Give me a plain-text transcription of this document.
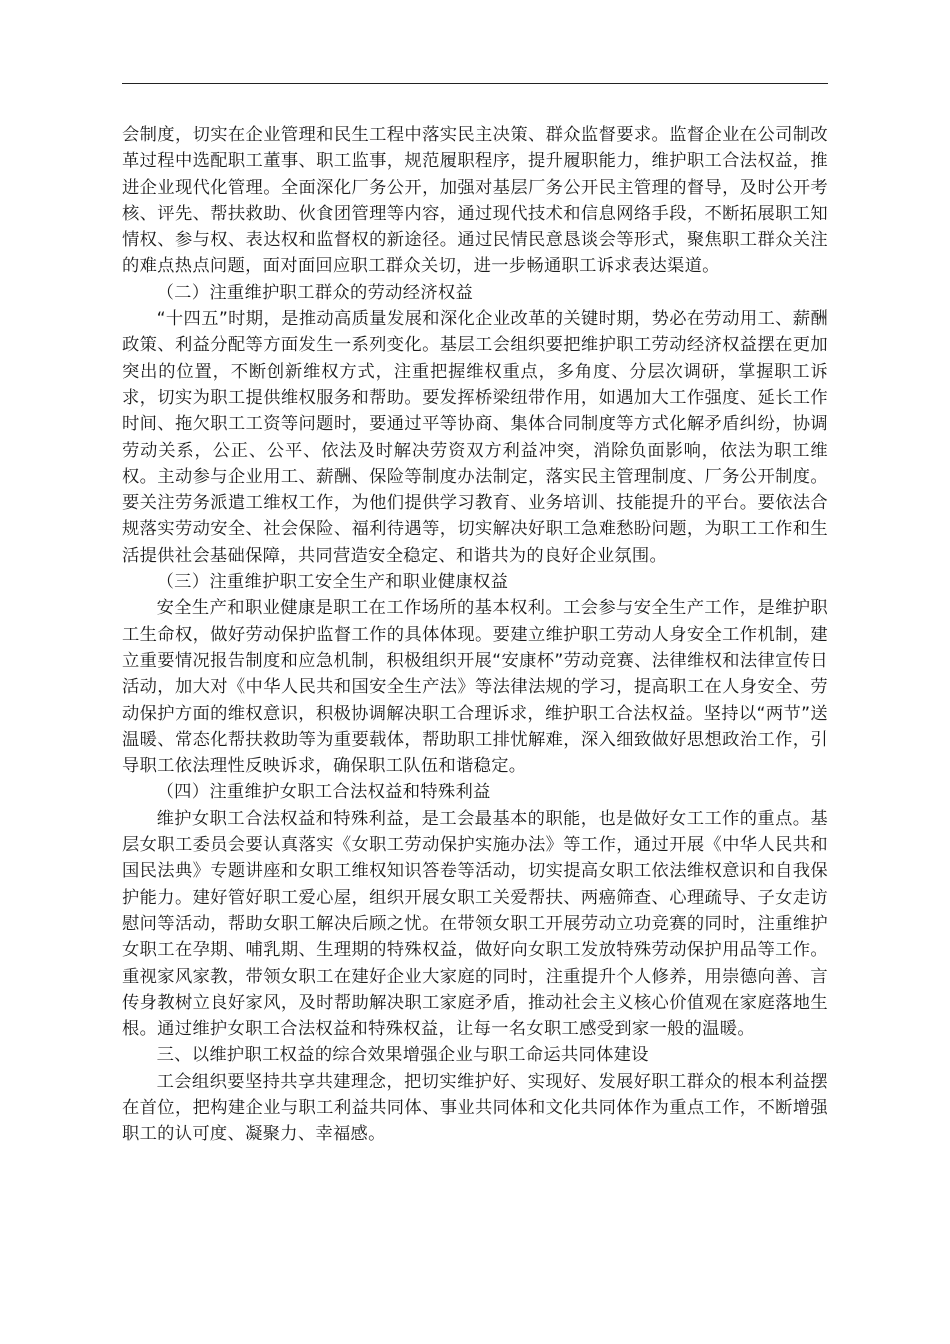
会制度，切实在企业管理和民生工程中落实民主决策、群众监督要求。监督企业在公司制改革过程中选配职工董事、职工监事，规范履职程序，提升履职能力，维护职工合法权益，推进企业现代化管理。全面深化厂务公开，加强对基层厂务公开民主管理的督导，及时公开考核、评先、帮扶救助、伙食团管理等内容，通过现代技术和信息网络手段，不断拓展职工知情权、参与权、表达权和监督权的新途径。通过民情民意恳谈会等形式，聚焦职工群众关注的难点热点问题，面对面回应职工群众关切，进一步畅通职工诉求表达渠道。

（二）注重维护职工群众的劳动经济权益

“十四五”时期，是推动高质量发展和深化企业改革的关键时期，势必在劳动用工、薪酬政策、利益分配等方面发生一系列变化。基层工会组织要把维护职工劳动经济权益摆在更加突出的位置，不断创新维权方式，注重把握维权重点，多角度、分层次调研，掌握职工诉求，切实为职工提供维权服务和帮助。要发挥桥梁纽带作用，如遇加大工作强度、延长工作时间、拖欠职工工资等问题时，要通过平等协商、集体合同制度等方式化解矛盾纠纷，协调劳动关系，公正、公平、依法及时解决劳资双方利益冲突，消除负面影响，依法为职工维权。主动参与企业用工、薪酬、保险等制度办法制定，落实民主管理制度、厂务公开制度。要关注劳务派遣工维权工作，为他们提供学习教育、业务培训、技能提升的平台。要依法合规落实劳动安全、社会保险、福利待遇等，切实解决好职工急难愁盼问题，为职工工作和生活提供社会基础保障，共同营造安全稳定、和谐共为的良好企业氛围。

（三）注重维护职工安全生产和职业健康权益

安全生产和职业健康是职工在工作场所的基本权利。工会参与安全生产工作，是维护职工生命权，做好劳动保护监督工作的具体体现。要建立维护职工劳动人身安全工作机制，建立重要情况报告制度和应急机制，积极组织开展“安康杯”劳动竞赛、法律维权和法律宣传日活动，加大对《中华人民共和国安全生产法》等法律法规的学习，提高职工在人身安全、劳动保护方面的维权意识，积极协调解决职工合理诉求，维护职工合法权益。坚持以“两节”送温暖、常态化帮扶救助等为重要载体，帮助职工排忧解难，深入细致做好思想政治工作，引导职工依法理性反映诉求，确保职工队伍和谐稳定。

（四）注重维护女职工合法权益和特殊利益

维护女职工合法权益和特殊利益，是工会最基本的职能，也是做好女工工作的重点。基层女职工委员会要认真落实《女职工劳动保护实施办法》等工作，通过开展《中华人民共和国民法典》专题讲座和女职工维权知识答卷等活动，切实提高女职工依法维权意识和自我保护能力。建好管好职工爱心屋，组织开展女职工关爱帮扶、两癌筛查、心理疏导、子女走访慰问等活动，帮助女职工解决后顾之忧。在带领女职工开展劳动立功竞赛的同时，注重维护女职工在孕期、哺乳期、生理期的特殊权益，做好向女职工发放特殊劳动保护用品等工作。重视家风家教，带领女职工在建好企业大家庭的同时，注重提升个人修养，用崇德向善、言传身教树立良好家风，及时帮助解决职工家庭矛盾，推动社会主义核心价值观在家庭落地生根。通过维护女职工合法权益和特殊权益，让每一名女职工感受到家一般的温暖。

三、以维护职工权益的综合效果增强企业与职工命运共同体建设

工会组织要坚持共享共建理念，把切实维护好、实现好、发展好职工群众的根本利益摆在首位，把构建企业与职工利益共同体、事业共同体和文化共同体作为重点工作，不断增强职工的认可度、凝聚力、幸福感。
